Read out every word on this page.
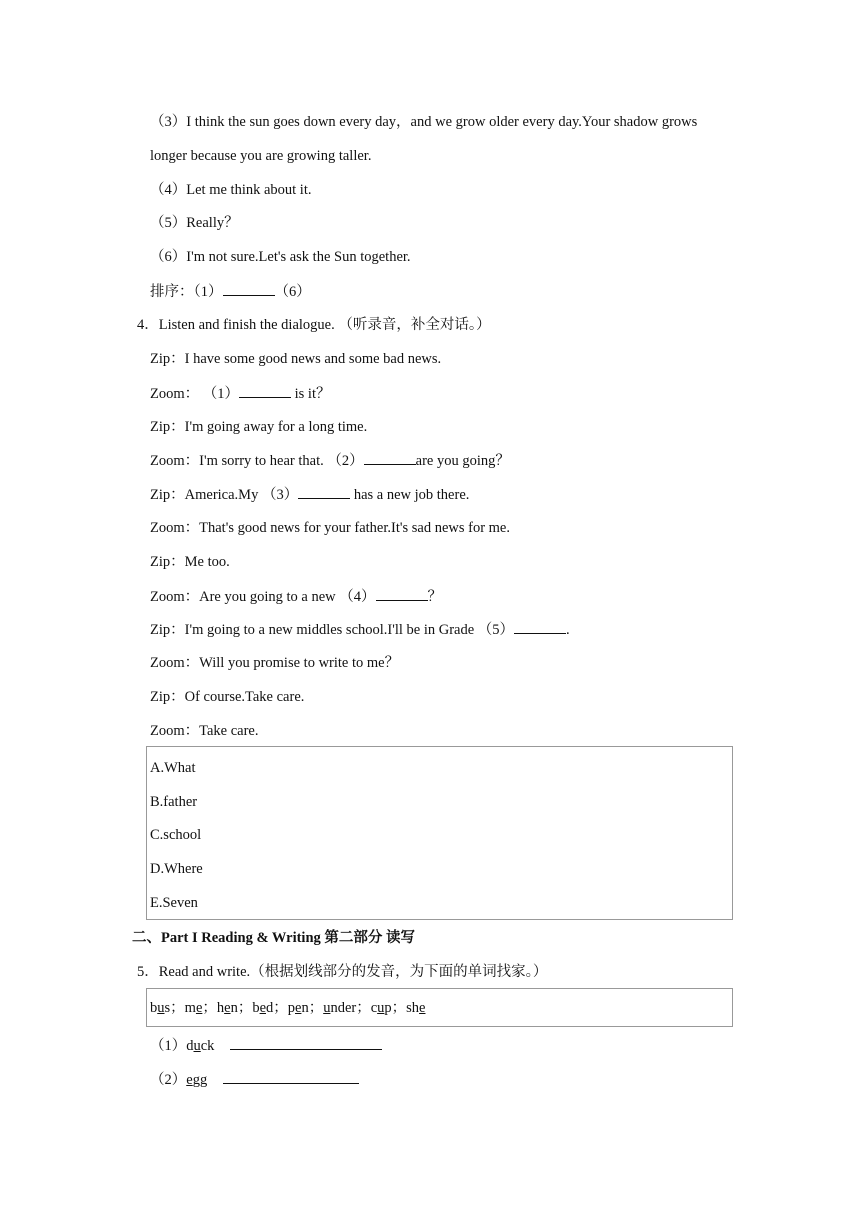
（3）I think the sun goes down every day，and we grow older every day.Your shadow grows
longer because you are growing taller.
（4）Let me think about it.
（5）Really？
（6）I'm not sure.Let's ask the Sun together.
排序：（1）	（6）
4．Listen and finish the dialogue. （听录音，补全对话。）
Zip：I have some good news and some bad news.
Zoom： （1）	is it？
Zip：I'm going away for a long time.
Zoom：I'm sorry to hear that. （2）	are you going？
Zip：America.My （3）	has a new job there.
Zoom：That's good news for your father.It's sad news for me.
Zip：Me too.
Zoom：Are you going to a new （4）	？
Zip：I'm going to a new middles school.I'll be in Grade （5）	.
Zoom：Will you promise to write to me？
Zip：Of course.Take care.
Zoom：Take care.
A.What
B.father
C.school
D.Where
E.Seven
二、Part I Reading & Writing 第二部分 读写
5．Read and write.（根据划线部分的发音，为下面的单词找家。）
bus；me；hen；bed；pen；under；cup；she
（1）duck
（2）egg
